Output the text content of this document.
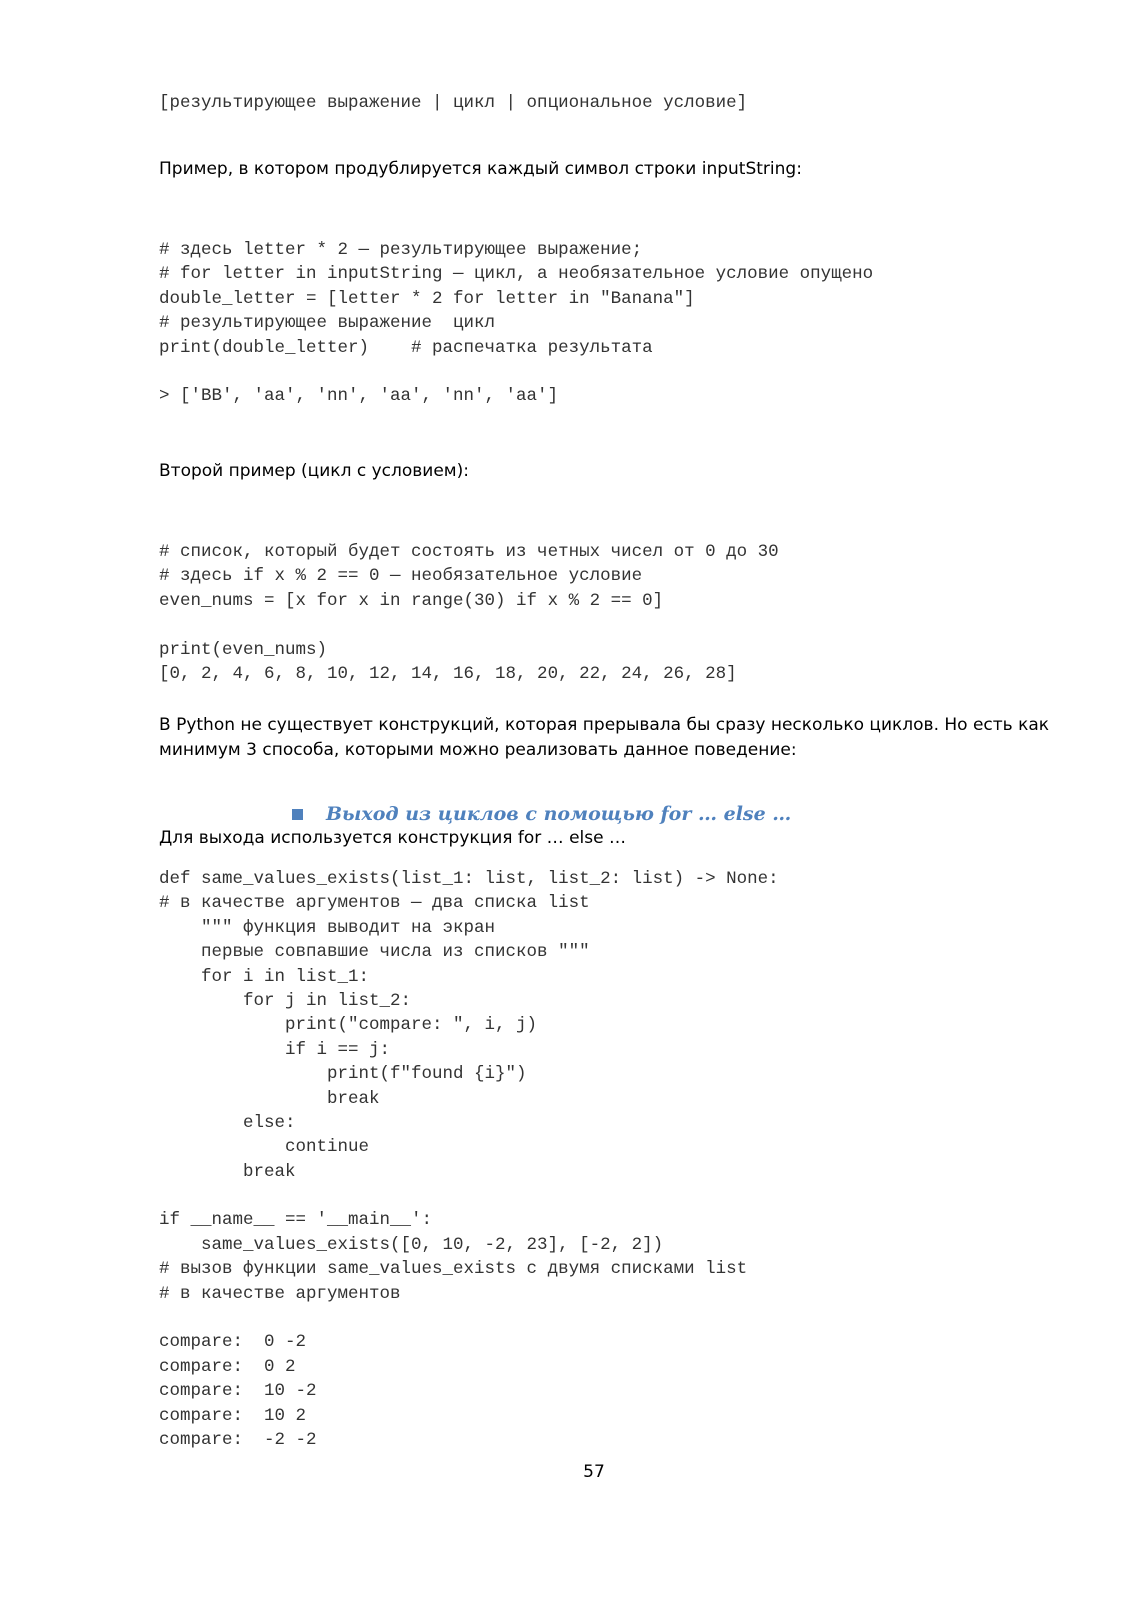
[результирующее выражение | цикл | опциональное условие]
Пример, в котором продублируется каждый символ строки inputString:
# здесь letter * 2 — результирующее выражение;
# for letter in inputString — цикл, а необязательное условие опущено
double_letter = [letter * 2 for letter in "Banana"]
# результирующее выражение  цикл
print(double_letter)    # распечатка результата
> ['BB', 'aa', 'nn', 'aa', 'nn', 'aa']
Второй пример (цикл с условием):
# список, который будет состоять из четных чисел от 0 до 30
# здесь if x % 2 == 0 — необязательное условие
even_nums = [x for x in range(30) if x % 2 == 0]
print(even_nums)
[0, 2, 4, 6, 8, 10, 12, 14, 16, 18, 20, 22, 24, 26, 28]
В Python не существует конструкций, которая прерывала бы сразу несколько циклов. Но есть как
минимум 3 способа, которыми можно реализовать данное поведение:
Выход из циклов с помощью for … else …
Для выхода используется конструкция for … else …
def same_values_exists(list_1: list, list_2: list) -> None:
# в качестве аргументов — два списка list
""" функция выводит на экран
первые совпавшие числа из списков """
for i in list_1:
for j in list_2:
print("compare: ", i, j)
if i == j:
print(f"found {i}")
break
else:
continue
break
if __name__ == '__main__':
same_values_exists([0, 10, -2, 23], [-2, 2])
# вызов функции same_values_exists с двумя списками list
# в качестве аргументов
compare:  0 -2
compare:  0 2
compare:  10 -2
compare:  10 2
compare:  -2 -2
57
